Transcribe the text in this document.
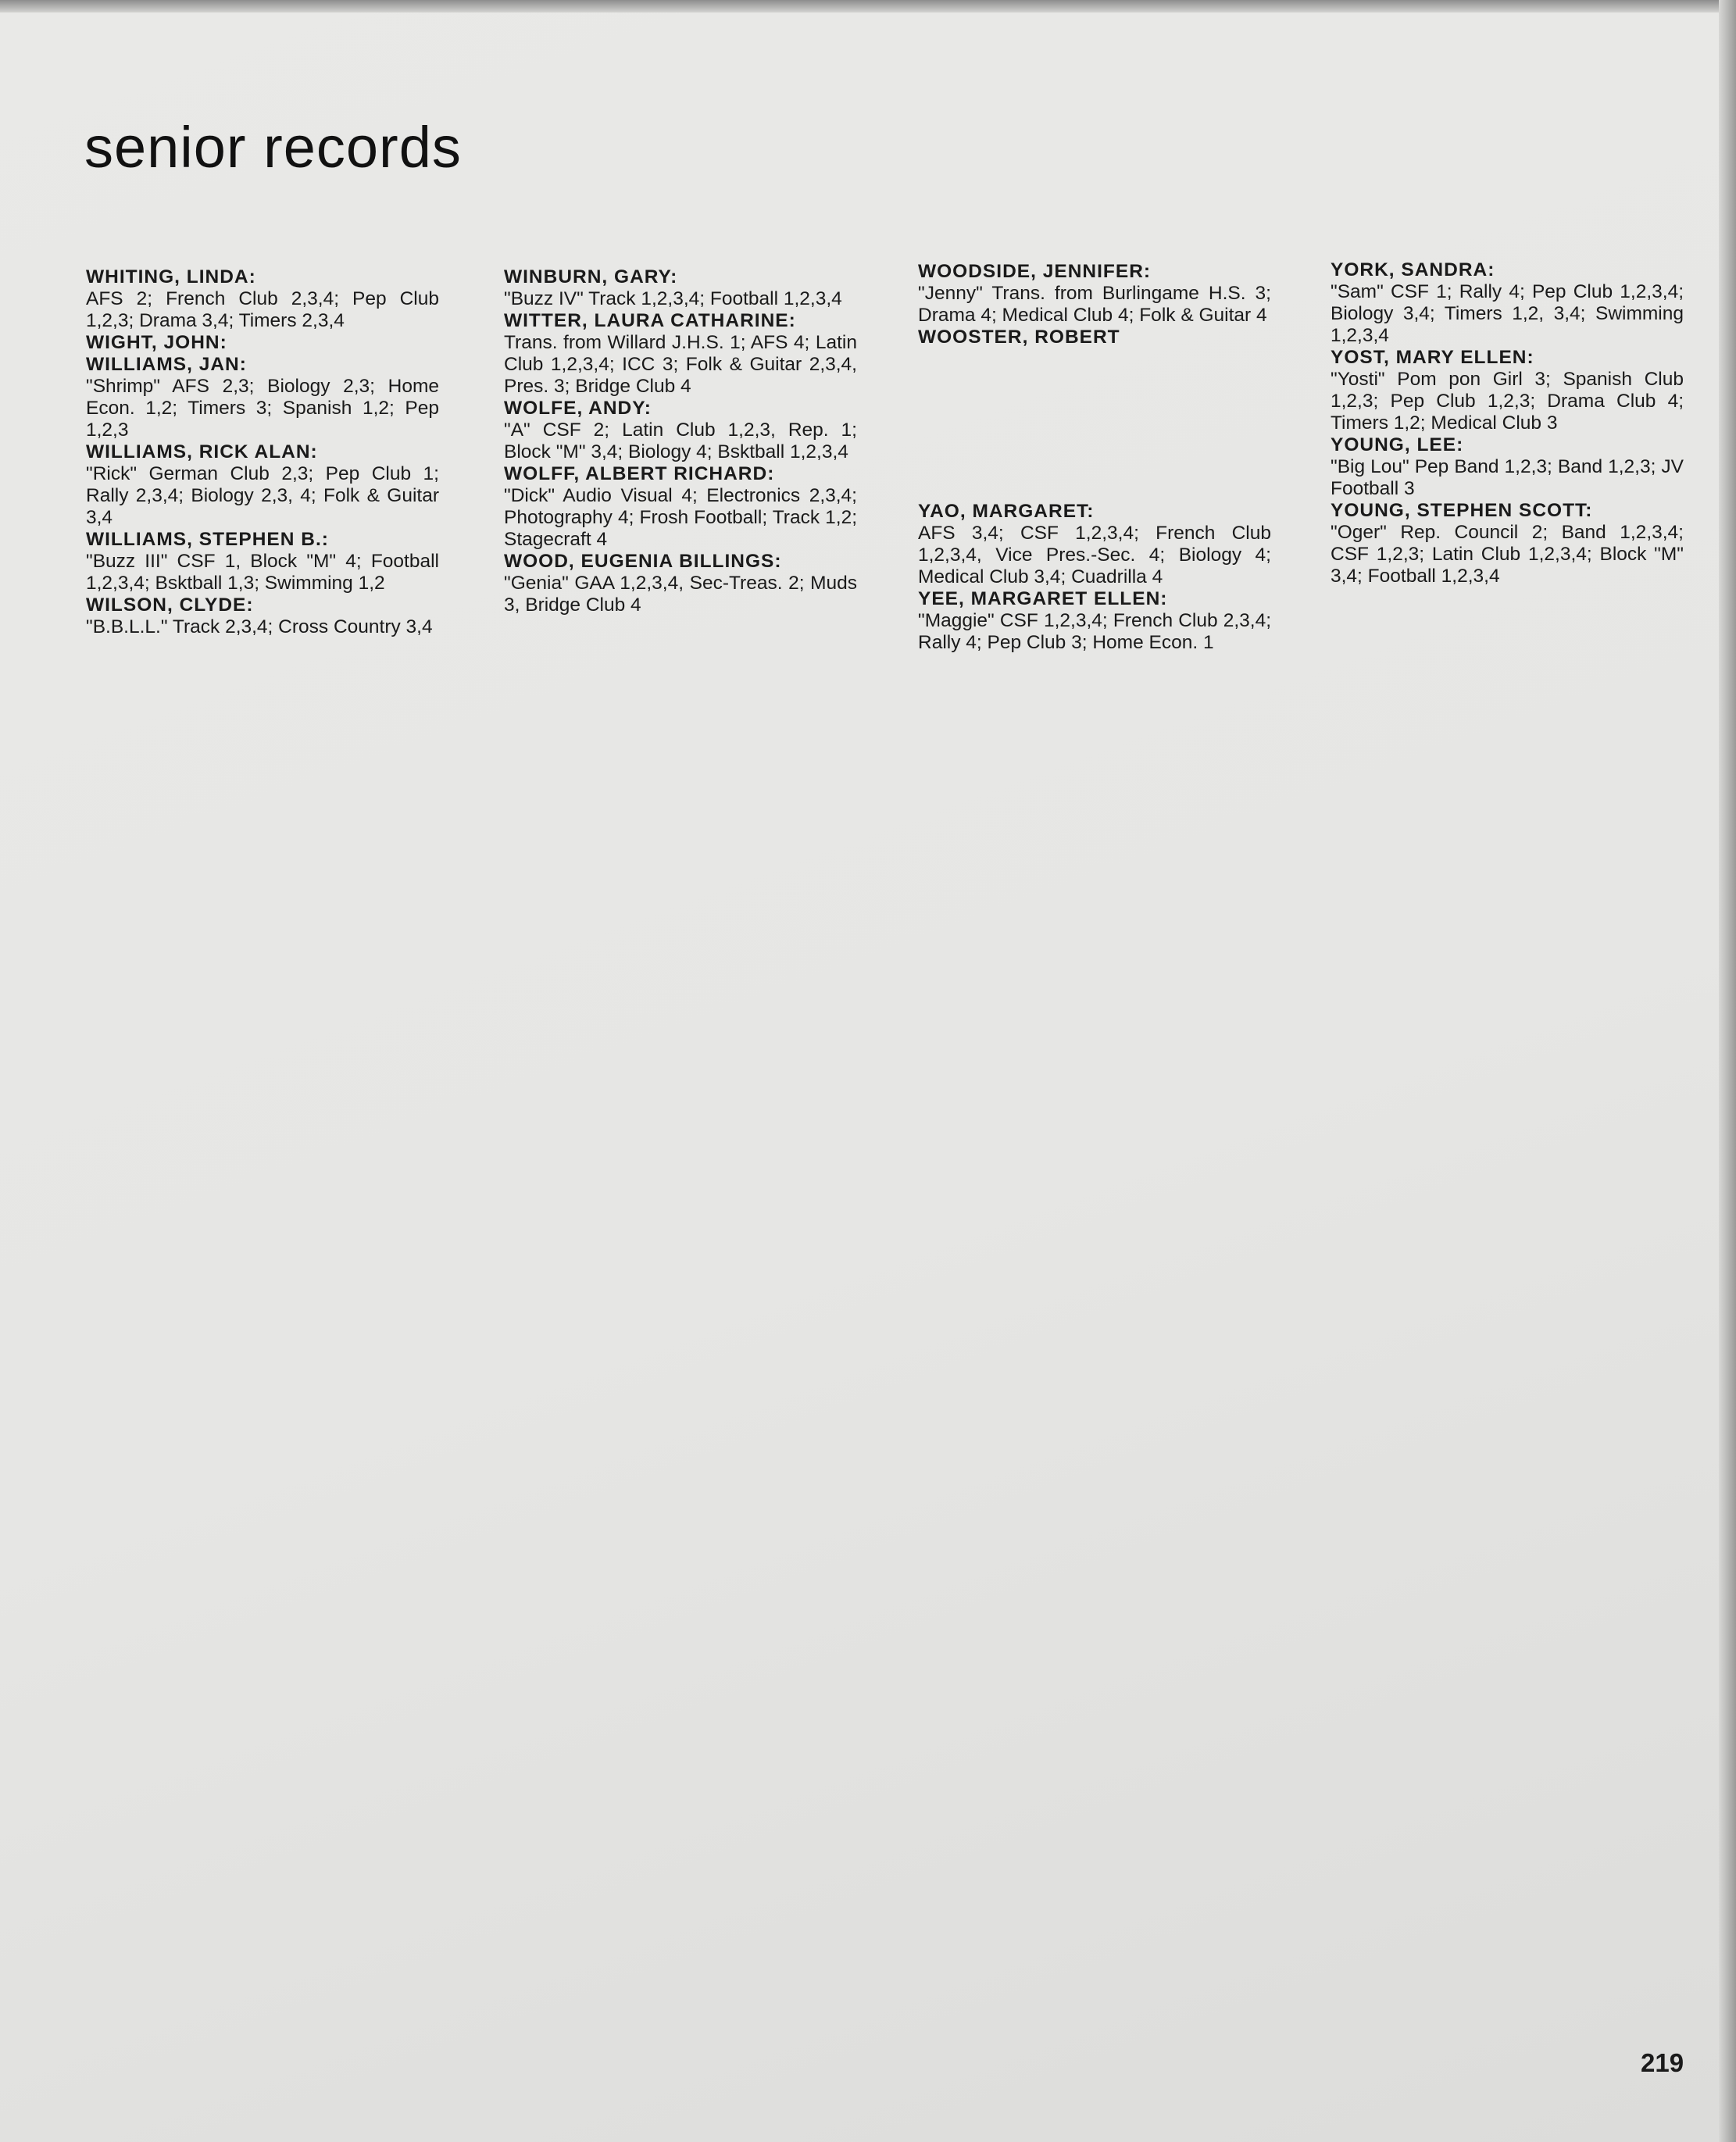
senior records
WHITING, LINDA:
AFS 2; French Club 2,3,4; Pep Club 1,2,3; Drama 3,4; Timers 2,3,4
WIGHT, JOHN:
WILLIAMS, JAN:
"Shrimp" AFS 2,3; Biology 2,3; Home Econ. 1,2; Timers 3; Spanish 1,2; Pep 1,2,3
WILLIAMS, RICK ALAN:
"Rick" German Club 2,3; Pep Club 1; Rally 2,3,4; Biology 2,3, 4; Folk & Guitar 3,4
WILLIAMS, STEPHEN B.:
"Buzz III" CSF 1, Block "M" 4; Football 1,2,3,4; Bsktball 1,3; Swimming 1,2
WILSON, CLYDE:
"B.B.L.L." Track 2,3,4; Cross Country 3,4
WINBURN, GARY:
"Buzz IV" Track 1,2,3,4; Football 1,2,3,4
WITTER, LAURA CATHARINE:
Trans. from Willard J.H.S. 1; AFS 4; Latin Club 1,2,3,4; ICC 3; Folk & Guitar 2,3,4, Pres. 3; Bridge Club 4
WOLFE, ANDY:
"A" CSF 2; Latin Club 1,2,3, Rep. 1; Block "M" 3,4; Biology 4; Bsktball 1,2,3,4
WOLFF, ALBERT RICHARD:
"Dick" Audio Visual 4; Electronics 2,3,4; Photography 4; Frosh Football; Track 1,2; Stagecraft 4
WOOD, EUGENIA BILLINGS:
"Genia" GAA 1,2,3,4, Sec-Treas. 2; Muds 3, Bridge Club 4
WOODSIDE, JENNIFER:
"Jenny" Trans. from Burlingame H.S. 3; Drama 4; Medical Club 4; Folk & Guitar 4
WOOSTER, ROBERT
YAO, MARGARET:
AFS 3,4; CSF 1,2,3,4; French Club 1,2,3,4, Vice Pres.-Sec. 4; Biology 4; Medical Club 3,4; Cuadrilla 4
YEE, MARGARET ELLEN:
"Maggie" CSF 1,2,3,4; French Club 2,3,4; Rally 4; Pep Club 3; Home Econ. 1
YORK, SANDRA:
"Sam" CSF 1; Rally 4; Pep Club 1,2,3,4; Biology 3,4; Timers 1,2, 3,4; Swimming 1,2,3,4
YOST, MARY ELLEN:
"Yosti" Pom pon Girl 3; Spanish Club 1,2,3; Pep Club 1,2,3; Drama Club 4; Timers 1,2; Medical Club 3
YOUNG, LEE:
"Big Lou" Pep Band 1,2,3; Band 1,2,3; JV Football 3
YOUNG, STEPHEN SCOTT:
"Oger" Rep. Council 2; Band 1,2,3,4; CSF 1,2,3; Latin Club 1,2,3,4; Block "M" 3,4; Football 1,2,3,4
219
